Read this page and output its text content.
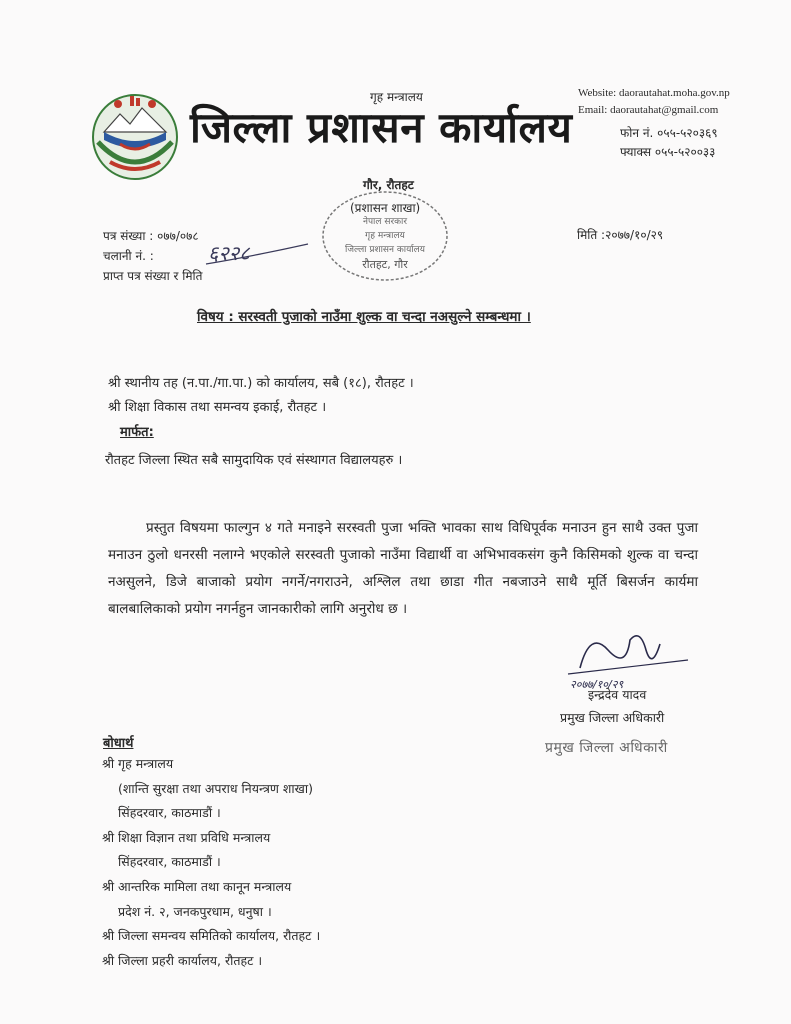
गृह मन्त्रालय
जिल्ला प्रशासन कार्यालय
Website: daorautahat.moha.gov.np
Email: daorautahat@gmail.com
फोन नं. ०५५-५२०३६९
फ्याक्स ०५५-५२००३३
नेपाल सरकार
गृह मन्त्रालय
जिल्ला प्रशासन कार्यालय
रौतहट, गौर
गौर, रौतहट
(प्रशासन शाखा)
पत्र संख्या : ०७७/०७८
चलानी नं. :
प्राप्त पत्र संख्या र मिति
६२२८
मिति :२०७७/१०/२९
विषय : सरस्वती पुजाको नाउँमा शुल्क वा चन्दा नअसुल्ने सम्बन्धमा ।
श्री स्थानीय तह (न.पा./गा.पा.) को कार्यालय, सबै (१८), रौतहट ।
श्री शिक्षा विकास तथा समन्वय इकाई, रौतहट ।
मार्फत:
रौतहट जिल्ला स्थित सबै सामुदायिक एवं संस्थागत विद्यालयहरु ।
प्रस्तुत विषयमा फाल्गुन ४ गते मनाइने सरस्वती पुजा भक्ति भावका साथ विधिपूर्वक मनाउन हुन साथै उक्त पुजा मनाउन ठुलो धनरसी नलाग्ने भएकोले सरस्वती पुजाको नाउँमा विद्यार्थी वा अभिभावकसंग कुनै किसिमको शुल्क वा चन्दा नअसुलने, डिजे बाजाको प्रयोग नगर्ने/नगराउने, अश्लिल तथा छाडा गीत नबजाउने साथै मूर्ति बिसर्जन कार्यमा बालबालिकाको प्रयोग नगर्नहुन जानकारीको लागि अनुरोध छ ।
२०७७/१०/२९
इन्द्रदेव यादव
प्रमुख जिल्ला अधिकारी
प्रमुख जिल्ला अधिकारी
बोधार्थ
श्री गृह मन्त्रालय
(शान्ति सुरक्षा तथा अपराध नियन्त्रण शाखा)
सिंहदरवार, काठमाडौं ।
श्री शिक्षा विज्ञान तथा प्रविधि मन्त्रालय
सिंहदरवार, काठमाडौं ।
श्री आन्तरिक मामिला तथा कानून मन्त्रालय
प्रदेश नं. २, जनकपुरधाम, धनुषा ।
श्री जिल्ला समन्वय समितिको कार्यालय, रौतहट ।
श्री जिल्ला प्रहरी कार्यालय, रौतहट ।
